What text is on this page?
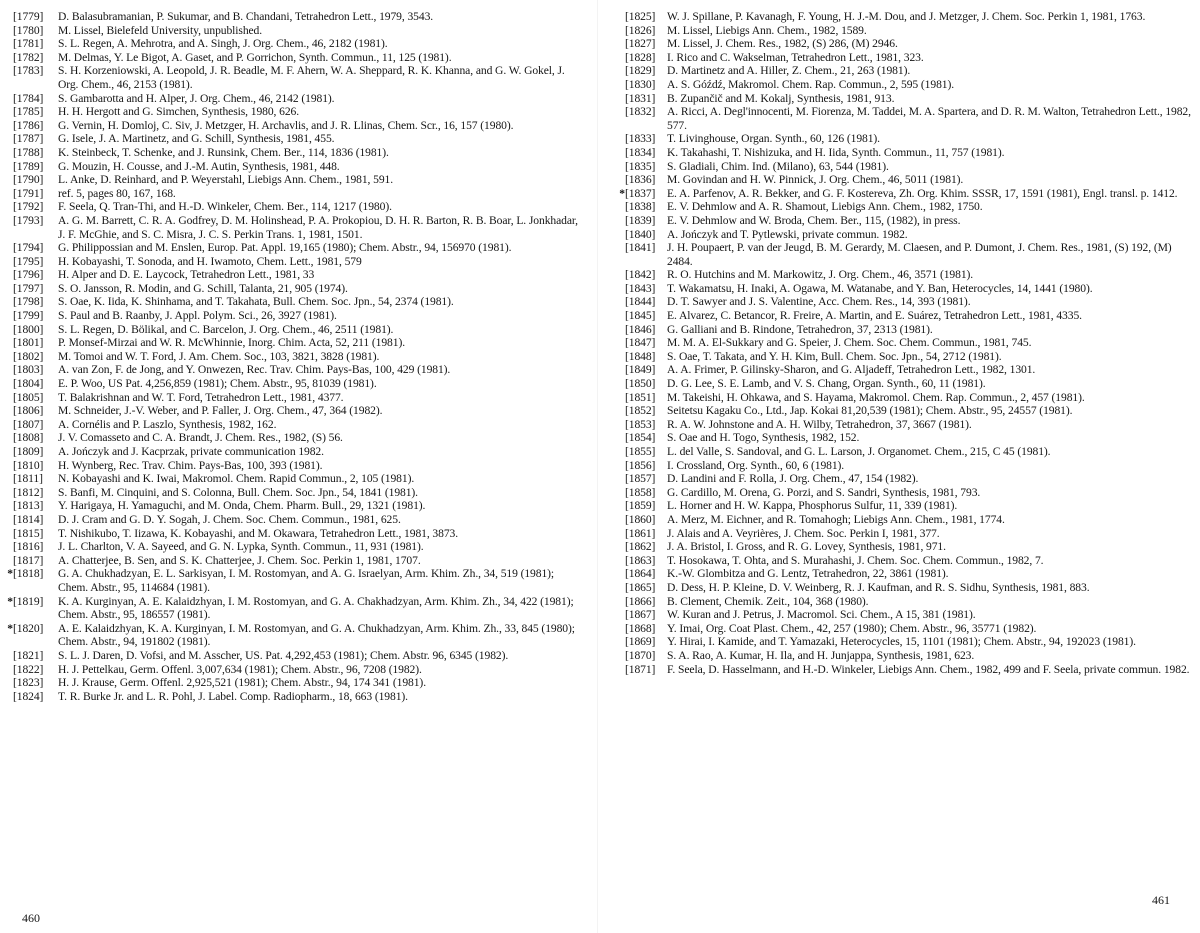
[1779]	D. Balasubramanian, P. Sukumar, and B. Chandani, Tetrahedron Lett., 1979, 3543.
[1780]	M. Lissel, Bielefeld University, unpublished.
[1781]	S. L. Regen, A. Mehrotra, and A. Singh, J. Org. Chem., 46, 2182 (1981).
[1782]	M. Delmas, Y. Le Bigot, A. Gaset, and P. Gorrichon, Synth. Commun., 11, 125 (1981).
[1783]	S. H. Korzeniowski, A. Leopold, J. R. Beadle, M. F. Ahern, W. A. Sheppard, R. K. Khanna, and G. W. Gokel, J. Org. Chem., 46, 2153 (1981).
[1784]	S. Gambarotta and H. Alper, J. Org. Chem., 46, 2142 (1981).
[1785]	H. H. Hergott and G. Simchen, Synthesis, 1980, 626.
[1786]	G. Vernin, H. Domloj, C. Siv, J. Metzger, H. Archavlis, and J. R. Llinas, Chem. Scr., 16, 157 (1980).
[1787]	G. Isele, J. A. Martinetz, and G. Schill, Synthesis, 1981, 455.
[1788]	K. Steinbeck, T. Schenke, and J. Runsink, Chem. Ber., 114, 1836 (1981).
[1789]	G. Mouzin, H. Cousse, and J.-M. Autin, Synthesis, 1981, 448.
[1790]	L. Anke, D. Reinhard, and P. Weyerstahl, Liebigs Ann. Chem., 1981, 591.
[1791]	ref. 5, pages 80, 167, 168.
[1792]	F. Seela, Q. Tran-Thi, and H.-D. Winkeler, Chem. Ber., 114, 1217 (1980).
[1793]	A. G. M. Barrett, C. R. A. Godfrey, D. M. Holinshead, P. A. Prokopiou, D. H. R. Barton, R. B. Boar, L. Jonkhadar, J. F. McGhie, and S. C. Misra, J. C. S. Perkin Trans. 1, 1981, 1501.
[1794]	G. Philippossian and M. Enslen, Europ. Pat. Appl. 19,165 (1980); Chem. Abstr., 94, 156970 (1981).
[1795]	H. Kobayashi, T. Sonoda, and H. Iwamoto, Chem. Lett., 1981, 579
[1796]	H. Alper and D. E. Laycock, Tetrahedron Lett., 1981, 33
[1797]	S. O. Jansson, R. Modin, and G. Schill, Talanta, 21, 905 (1974).
[1798]	S. Oae, K. Iida, K. Shinhama, and T. Takahata, Bull. Chem. Soc. Jpn., 54, 2374 (1981).
[1799]	S. Paul and B. Raanby, J. Appl. Polym. Sci., 26, 3927 (1981).
[1800]	S. L. Regen, D. Bölikal, and C. Barcelon, J. Org. Chem., 46, 2511 (1981).
[1801]	P. Monsef-Mirzai and W. R. McWhinnie, Inorg. Chim. Acta, 52, 211 (1981).
[1802]	M. Tomoi and W. T. Ford, J. Am. Chem. Soc., 103, 3821, 3828 (1981).
[1803]	A. van Zon, F. de Jong, and Y. Onwezen, Rec. Trav. Chim. Pays-Bas, 100, 429 (1981).
[1804]	E. P. Woo, US Pat. 4,256,859 (1981); Chem. Abstr., 95, 81039 (1981).
[1805]	T. Balakrishnan and W. T. Ford, Tetrahedron Lett., 1981, 4377.
[1806]	M. Schneider, J.-V. Weber, and P. Faller, J. Org. Chem., 47, 364 (1982).
[1807]	A. Cornélis and P. Laszlo, Synthesis, 1982, 162.
[1808]	J. V. Comasseto and C. A. Brandt, J. Chem. Res., 1982, (S) 56.
[1809]	A. Jończyk and J. Kacprzak, private communication 1982.
[1810]	H. Wynberg, Rec. Trav. Chim. Pays-Bas, 100, 393 (1981).
[1811]	N. Kobayashi and K. Iwai, Makromol. Chem. Rapid Commun., 2, 105 (1981).
[1812]	S. Banfi, M. Cinquini, and S. Colonna, Bull. Chem. Soc. Jpn., 54, 1841 (1981).
[1813]	Y. Harigaya, H. Yamaguchi, and M. Onda, Chem. Pharm. Bull., 29, 1321 (1981).
[1814]	D. J. Cram and G. D. Y. Sogah, J. Chem. Soc. Chem. Commun., 1981, 625.
[1815]	T. Nishikubo, T. Iizawa, K. Kobayashi, and M. Okawara, Tetrahedron Lett., 1981, 3873.
[1816]	J. L. Charlton, V. A. Sayeed, and G. N. Lypka, Synth. Commun., 11, 931 (1981).
[1817]	A. Chatterjee, B. Sen, and S. K. Chatterjee, J. Chem. Soc. Perkin 1, 1981, 1707.
* [1818]	G. A. Chukhadzyan, E. L. Sarkisyan, I. M. Rostomyan, and A. G. Israelyan, Arm. Khim. Zh., 34, 519 (1981); Chem. Abstr., 95, 114684 (1981).
* [1819]	K. A. Kurginyan, A. E. Kalaidzhyan, I. M. Rostomyan, and G. A. Chakhadzyan, Arm. Khim. Zh., 34, 422 (1981); Chem. Abstr., 95, 186557 (1981).
* [1820]	A. E. Kalaidzhyan, K. A. Kurginyan, I. M. Rostomyan, and G. A. Chukhadzyan, Arm. Khim. Zh., 33, 845 (1980); Chem. Abstr., 94, 191802 (1981).
[1821]	S. L. J. Daren, D. Vofsi, and M. Asscher, US. Pat. 4,292,453 (1981); Chem. Abstr. 96, 6345 (1982).
[1822]	H. J. Pettelkau, Germ. Offenl. 3,007,634 (1981); Chem. Abstr., 96, 7208 (1982).
[1823]	H. J. Krause, Germ. Offenl. 2,925,521 (1981); Chem. Abstr., 94, 174 341 (1981).
[1824]	T. R. Burke Jr. and L. R. Pohl, J. Label. Comp. Radiopharm., 18, 663 (1981).
460
[1825]	W. J. Spillane, P. Kavanagh, F. Young, H. J.-M. Dou, and J. Metzger, J. Chem. Soc. Perkin 1, 1981, 1763.
[1826]	M. Lissel, Liebigs Ann. Chem., 1982, 1589.
[1827]	M. Lissel, J. Chem. Res., 1982, (S) 286, (M) 2946.
[1828]	I. Rico and C. Wakselman, Tetrahedron Lett., 1981, 323.
[1829]	D. Martinetz and A. Hiller, Z. Chem., 21, 263 (1981).
[1830]	A. S. Góźdź, Makromol. Chem. Rap. Commun., 2, 595 (1981).
[1831]	B. Zupančič and M. Kokalj, Synthesis, 1981, 913.
[1832]	A. Ricci, A. Degl'innocenti, M. Fiorenza, M. Taddei, M. A. Spartera, and D. R. M. Walton, Tetrahedron Lett., 1982, 577.
[1833]	T. Livinghouse, Organ. Synth., 60, 126 (1981).
[1834]	K. Takahashi, T. Nishizuka, and H. Iida, Synth. Commun., 11, 757 (1981).
[1835]	S. Gladiali, Chim. Ind. (Milano), 63, 544 (1981).
[1836]	M. Govindan and H. W. Pinnick, J. Org. Chem., 46, 5011 (1981).
* [1837]	E. A. Parfenov, A. R. Bekker, and G. F. Kostereva, Zh. Org. Khim. SSSR, 17, 1591 (1981), Engl. transl. p. 1412.
[1838]	E. V. Dehmlow and A. R. Shamout, Liebigs Ann. Chem., 1982, 1750.
[1839]	E. V. Dehmlow and W. Broda, Chem. Ber., 115, (1982), in press.
[1840]	A. Jończyk and T. Pytlewski, private commun. 1982.
[1841]	J. H. Poupaert, P. van der Jeugd, B. M. Gerardy, M. Claesen, and P. Dumont, J. Chem. Res., 1981, (S) 192, (M) 2484.
[1842]	R. O. Hutchins and M. Markowitz, J. Org. Chem., 46, 3571 (1981).
[1843]	T. Wakamatsu, H. Inaki, A. Ogawa, M. Watanabe, and Y. Ban, Heterocycles, 14, 1441 (1980).
[1844]	D. T. Sawyer and J. S. Valentine, Acc. Chem. Res., 14, 393 (1981).
[1845]	E. Alvarez, C. Betancor, R. Freire, A. Martin, and E. Suárez, Tetrahedron Lett., 1981, 4335.
[1846]	G. Galliani and B. Rindone, Tetrahedron, 37, 2313 (1981).
[1847]	M. M. A. El-Sukkary and G. Speier, J. Chem. Soc. Chem. Commun., 1981, 745.
[1848]	S. Oae, T. Takata, and Y. H. Kim, Bull. Chem. Soc. Jpn., 54, 2712 (1981).
[1849]	A. A. Frimer, P. Gilinsky-Sharon, and G. Aljadeff, Tetrahedron Lett., 1982, 1301.
[1850]	D. G. Lee, S. E. Lamb, and V. S. Chang, Organ. Synth., 60, 11 (1981).
[1851]	M. Takeishi, H. Ohkawa, and S. Hayama, Makromol. Chem. Rap. Commun., 2, 457 (1981).
[1852]	Seitetsu Kagaku Co., Ltd., Jap. Kokai 81,20,539 (1981); Chem. Abstr., 95, 24557 (1981).
[1853]	R. A. W. Johnstone and A. H. Wilby, Tetrahedron, 37, 3667 (1981).
[1854]	S. Oae and H. Togo, Synthesis, 1982, 152.
[1855]	L. del Valle, S. Sandoval, and G. L. Larson, J. Organomet. Chem., 215, C 45 (1981).
[1856]	I. Crossland, Org. Synth., 60, 6 (1981).
[1857]	D. Landini and F. Rolla, J. Org. Chem., 47, 154 (1982).
[1858]	G. Cardillo, M. Orena, G. Porzi, and S. Sandri, Synthesis, 1981, 793.
[1859]	L. Horner and H. W. Kappa, Phosphorus Sulfur, 11, 339 (1981).
[1860]	A. Merz, M. Eichner, and R. Tomahogh; Liebigs Ann. Chem., 1981, 1774.
[1861]	J. Alais and A. Veyrières, J. Chem. Soc. Perkin I, 1981, 377.
[1862]	J. A. Bristol, I. Gross, and R. G. Lovey, Synthesis, 1981, 971.
[1863]	T. Hosokawa, T. Ohta, and S. Murahashi, J. Chem. Soc. Chem. Commun., 1982, 7.
[1864]	K.-W. Glombitza and G. Lentz, Tetrahedron, 22, 3861 (1981).
[1865]	D. Dess, H. P. Kleine, D. V. Weinberg, R. J. Kaufman, and R. S. Sidhu, Synthesis, 1981, 883.
[1866]	B. Clement, Chemik. Zeit., 104, 368 (1980).
[1867]	W. Kuran and J. Petrus, J. Macromol. Sci. Chem., A 15, 381 (1981).
[1868]	Y. Imai, Org. Coat Plast. Chem., 42, 257 (1980); Chem. Abstr., 96, 35771 (1982).
[1869]	Y. Hirai, I. Kamide, and T. Yamazaki, Heterocycles, 15, 1101 (1981); Chem. Abstr., 94, 192023 (1981).
[1870]	S. A. Rao, A. Kumar, H. Ila, and H. Junjappa, Synthesis, 1981, 623.
[1871]	F. Seela, D. Hasselmann, and H.-D. Winkeler, Liebigs Ann. Chem., 1982, 499 and F. Seela, private commun. 1982.
461
